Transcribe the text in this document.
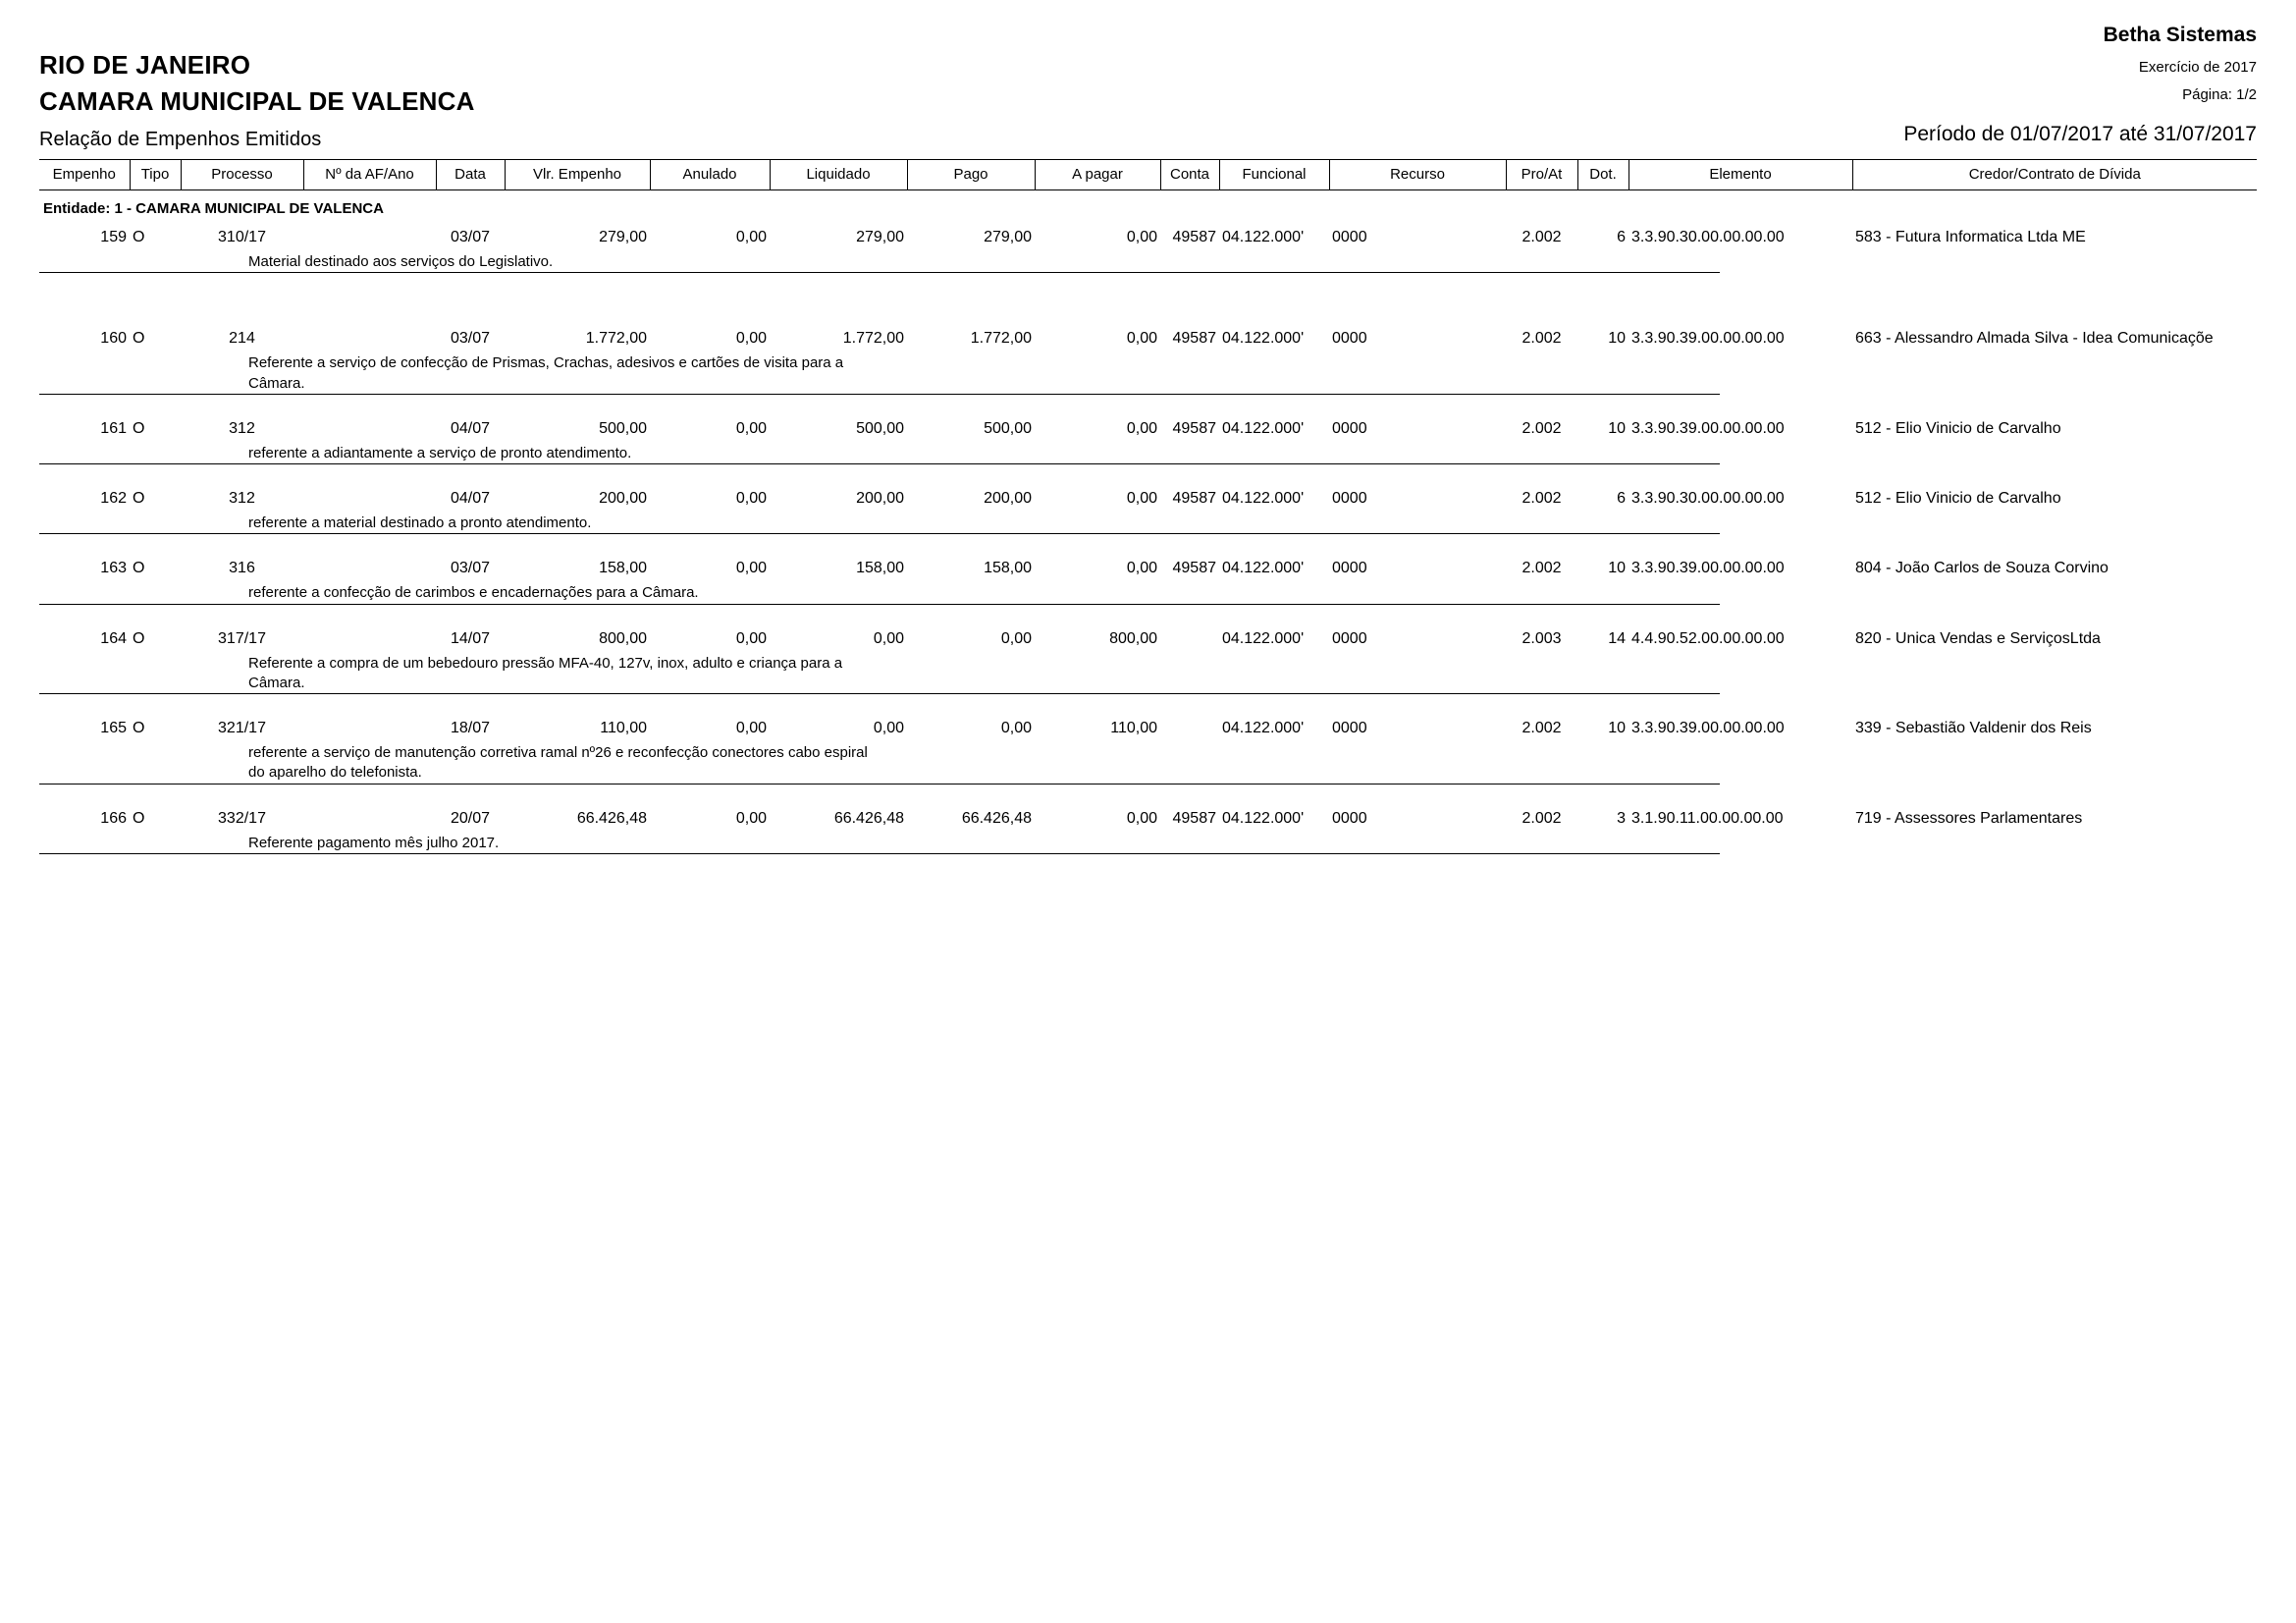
RIO DE JANEIRO
CAMARA MUNICIPAL DE VALENCA
Relação de Empenhos Emitidos
Betha Sistemas
Exercício de 2017
Página: 1/2
Período de 01/07/2017 até 31/07/2017
Empenho	Tipo	Processo	Nº da AF/Ano	Data	Vlr. Empenho	Anulado	Liquidado	Pago	A pagar	Conta	Funcional	Recurso	Pro/At	Dot.	Elemento	Credor/Contrato de Dívida
Entidade: 1 - CAMARA MUNICIPAL DE VALENCA																
159	O	310/17		03/07	279,00	0,00	279,00	279,00	0,00	49587	04.122.000'	0000	2.002	6	3.3.90.30.00.00.00.00	583 - Futura Informatica Ltda ME

Material destinado aos serviços do Legislativo.																

160	O	214		03/07	1.772,00	0,00	1.772,00	1.772,00	0,00	49587	04.122.000'	0000	2.002	10	3.3.90.39.00.00.00.00	663 - Alessandro Almada Silva - Idea Comunicaçõe

Referente a serviço de confecção de Prismas, Crachas, adesivos e cartões de visita para a Câmara.																

161	O	312		04/07	500,00	0,00	500,00	500,00	0,00	49587	04.122.000'	0000	2.002	10	3.3.90.39.00.00.00.00	512 - Elio Vinicio de Carvalho

referente a adiantamente a serviço de pronto atendimento.																

162	O	312		04/07	200,00	0,00	200,00	200,00	0,00	49587	04.122.000'	0000	2.002	6	3.3.90.30.00.00.00.00	512 - Elio Vinicio de Carvalho

referente a material destinado a pronto atendimento.																

163	O	316		03/07	158,00	0,00	158,00	158,00	0,00	49587	04.122.000'	0000	2.002	10	3.3.90.39.00.00.00.00	804 - João Carlos de Souza Corvino

referente a confecção de carimbos e encadernações para a Câmara.																

164	O	317/17		14/07	800,00	0,00	0,00	0,00	800,00		04.122.000'	0000	2.003	14	4.4.90.52.00.00.00.00	820 - Unica Vendas e ServiçosLtda

Referente a compra de um bebedouro pressão MFA-40, 127v, inox, adulto e criança para a Câmara.																

165	O	321/17		18/07	110,00	0,00	0,00	0,00	110,00		04.122.000'	0000	2.002	10	3.3.90.39.00.00.00.00	339 - Sebastião Valdenir dos Reis

referente a serviço de manutenção corretiva ramal nº26 e reconfecção conectores cabo espiral do aparelho do telefonista.																

166	O	332/17		20/07	66.426,48	0,00	66.426,48	66.426,48	0,00	49587	04.122.000'	0000	2.002	3	3.1.90.11.00.00.00.00	719 - Assessores Parlamentares

Referente pagamento mês julho 2017.																
